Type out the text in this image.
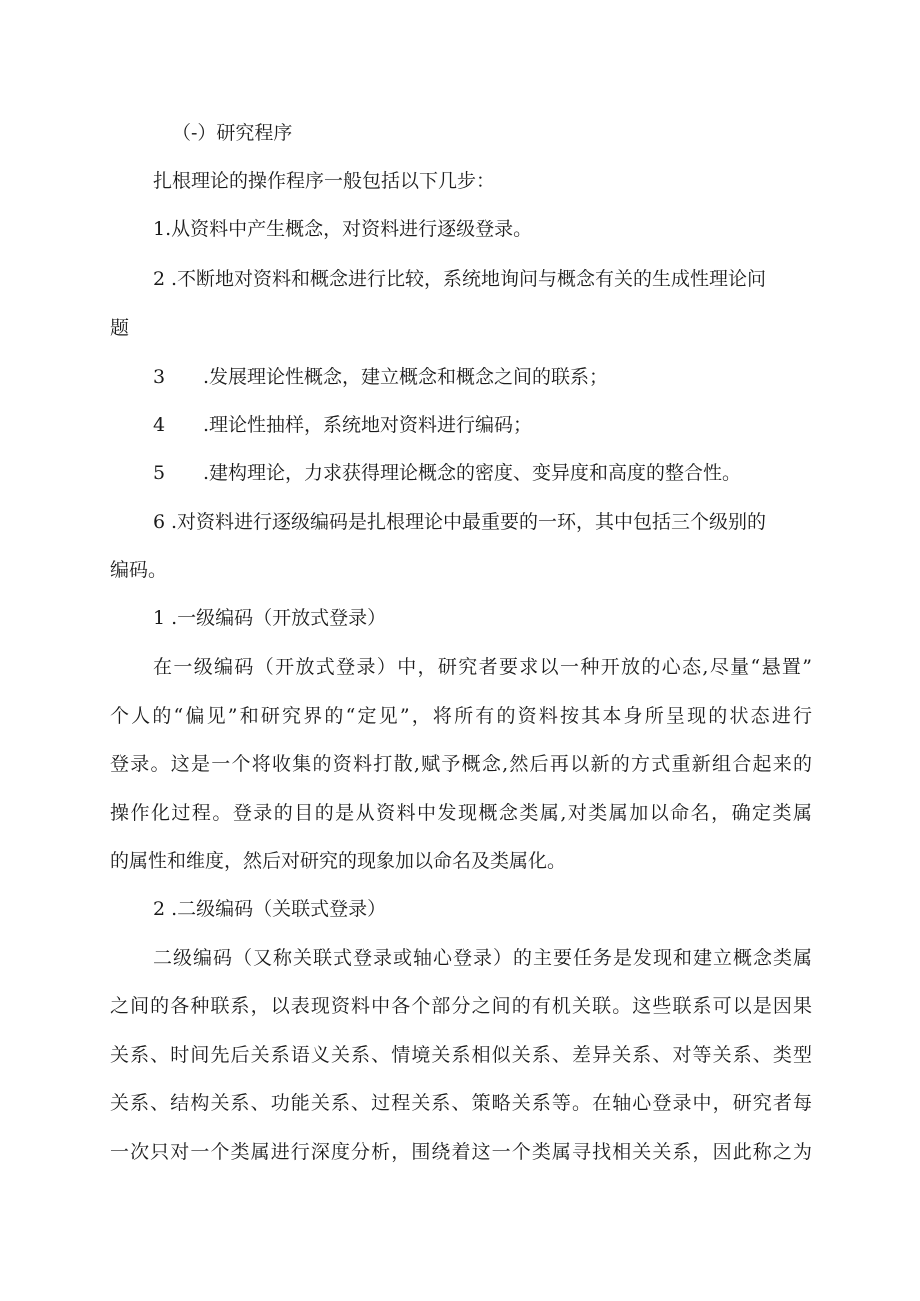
（-）研究程序
扎根理论的操作程序一般包括以下几步：
1.从资料中产生概念，对资料进行逐级登录。
2 .不断地对资料和概念进行比较，系统地询问与概念有关的生成性理论问
题
3 .发展理论性概念，建立概念和概念之间的联系；
4 .理论性抽样，系统地对资料进行编码；
5 .建构理论，力求获得理论概念的密度、变异度和高度的整合性。
6 .对资料进行逐级编码是扎根理论中最重要的一环，其中包括三个级别的
编码。
1 .一级编码（开放式登录）
在一级编码（开放式登录）中，研究者要求以一种开放的心态,尽量“悬置”
个人的“偏见”和研究界的“定见”，将所有的资料按其本身所呈现的状态进行
登录。这是一个将收集的资料打散,赋予概念,然后再以新的方式重新组合起来的
操作化过程。登录的目的是从资料中发现概念类属,对类属加以命名，确定类属
的属性和维度，然后对研究的现象加以命名及类属化。
2 .二级编码（关联式登录）
二级编码（又称关联式登录或轴心登录）的主要任务是发现和建立概念类属
之间的各种联系，以表现资料中各个部分之间的有机关联。这些联系可以是因果
关系、时间先后关系语义关系、情境关系相似关系、差异关系、对等关系、类型
关系、结构关系、功能关系、过程关系、策略关系等。在轴心登录中，研究者每
一次只对一个类属进行深度分析，围绕着这一个类属寻找相关关系，因此称之为
